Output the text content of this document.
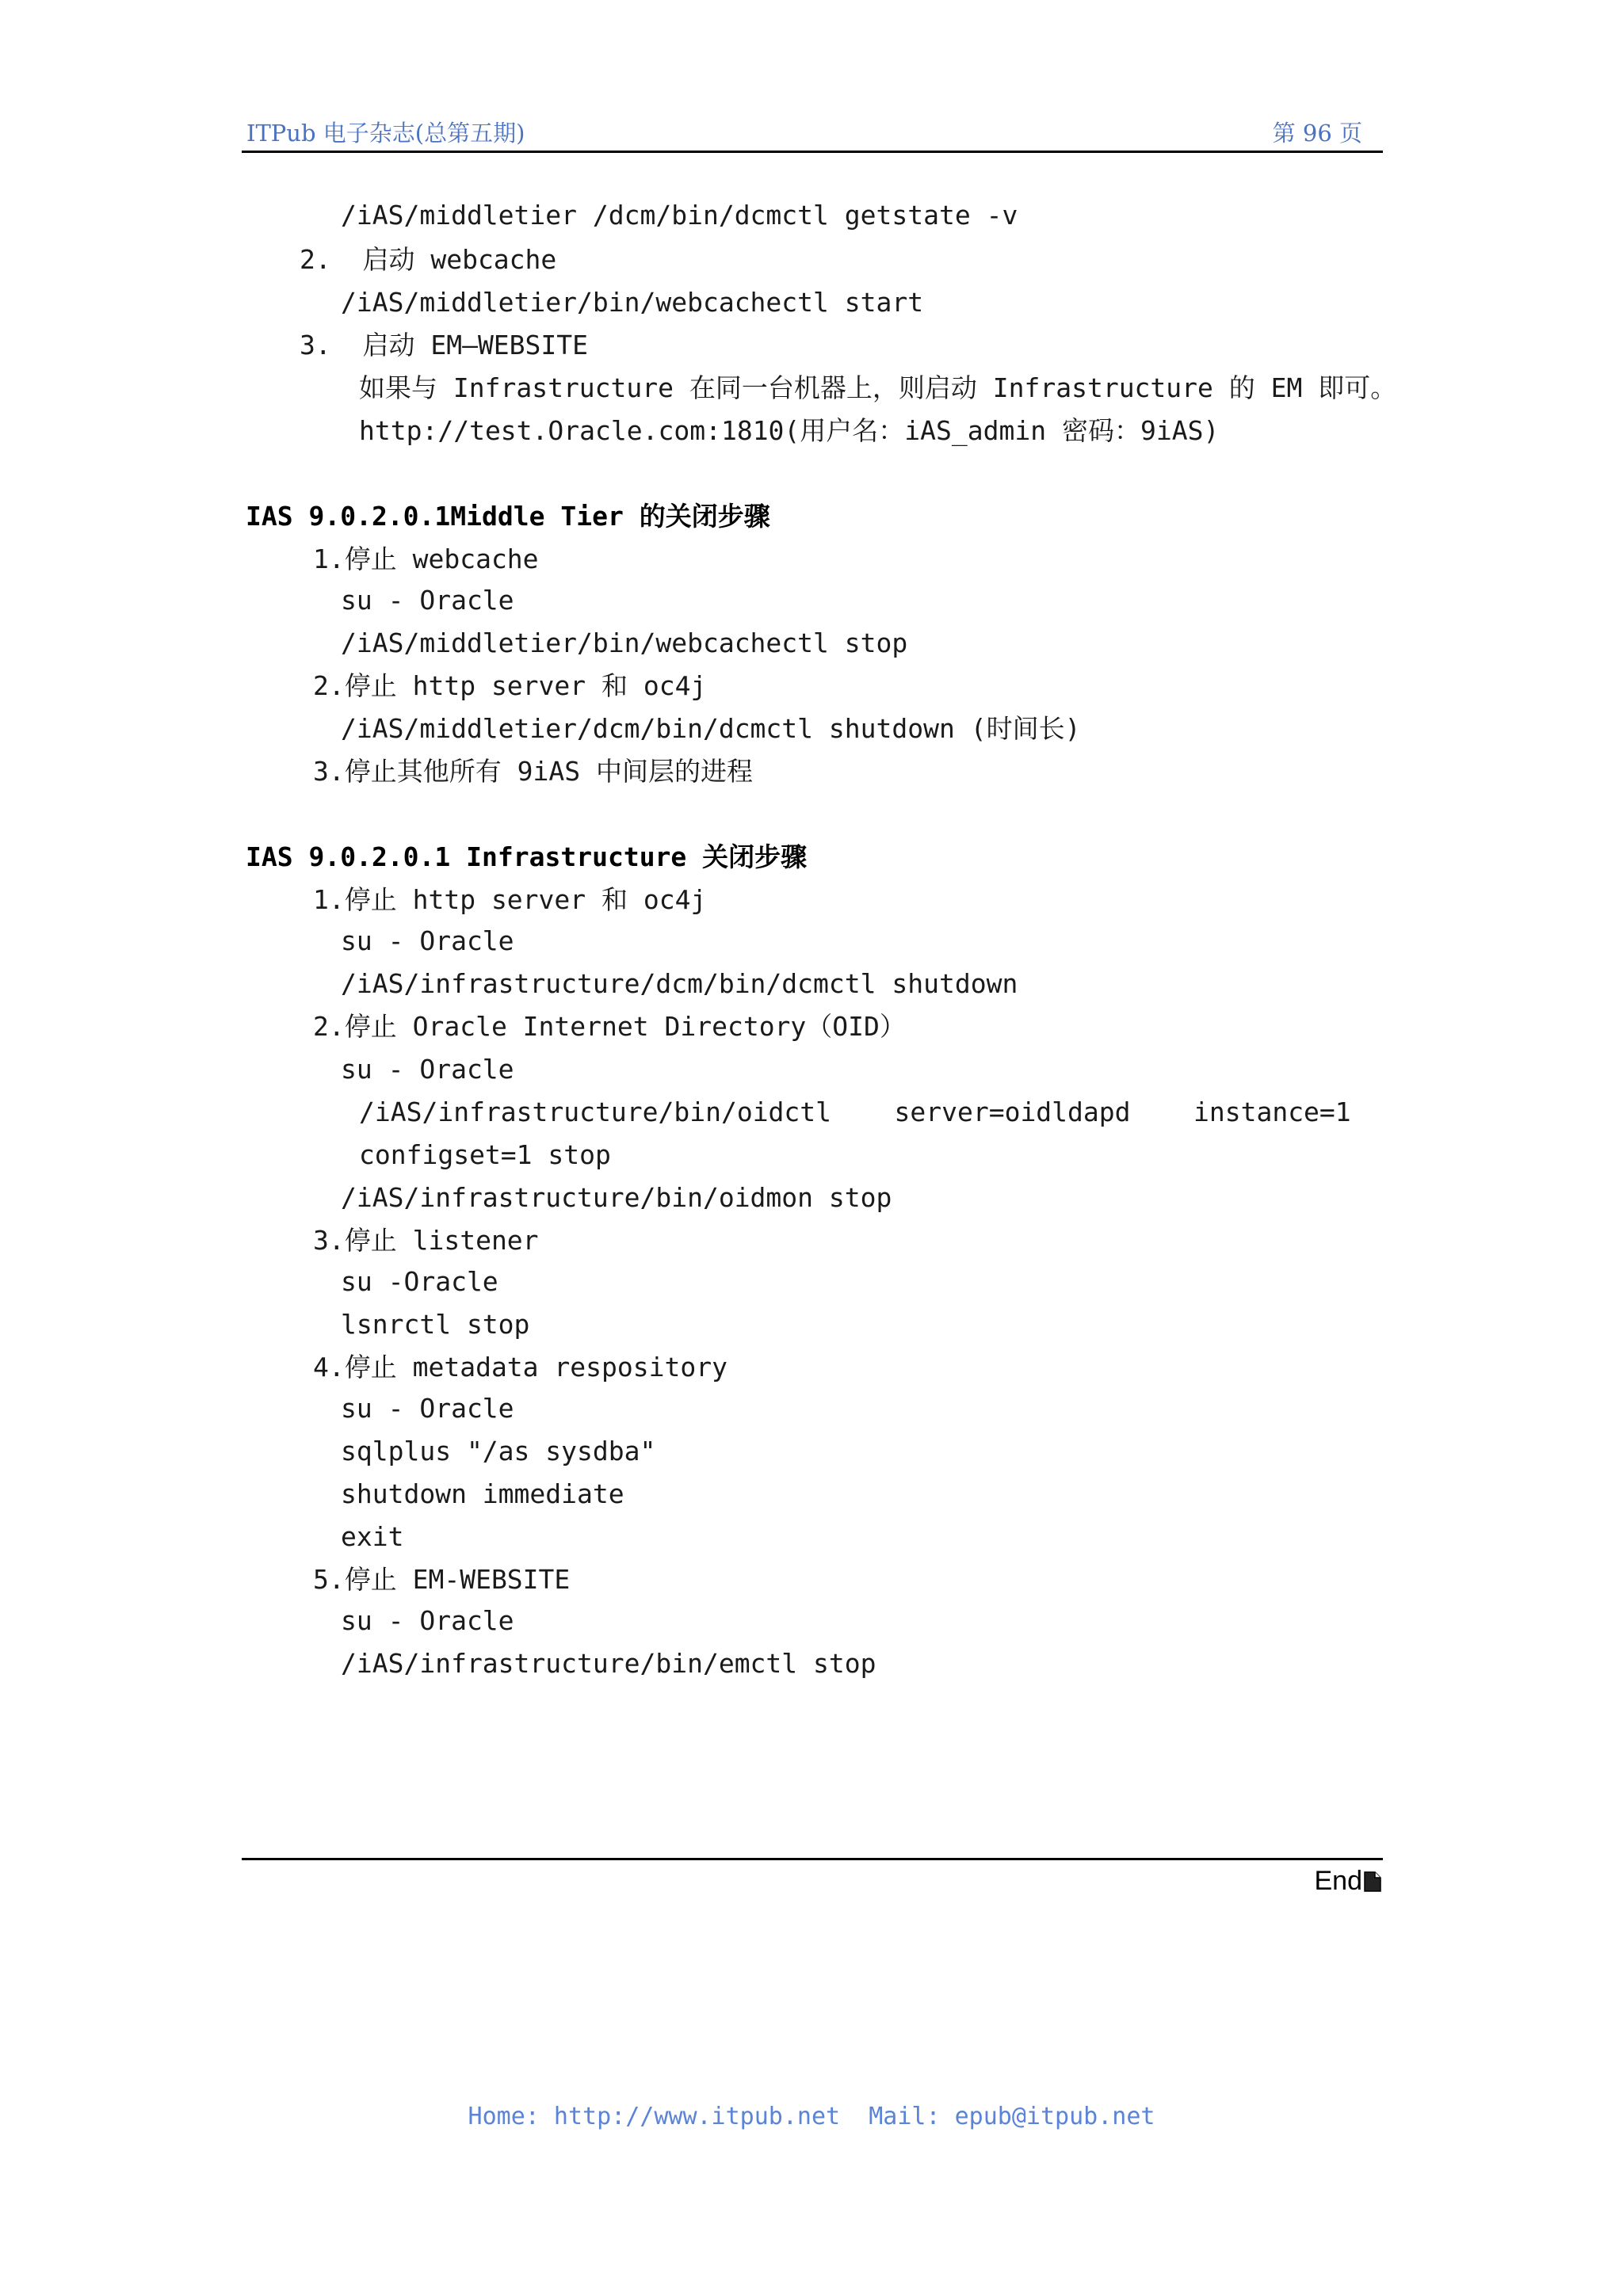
ITPub 电子杂志(总第五期)	第 96 页
/iAS/middletier /dcm/bin/dcmctl getstate -v
2.  启动 webcache
/iAS/middletier/bin/webcachectl start
3.  启动 EM—WEBSITE
如果与 Infrastructure 在同一台机器上，则启动 Infrastructure 的 EM 即可。
http://test.Oracle.com:1810(用户名：iAS_admin 密码：9iAS)
IAS 9.0.2.0.1Middle Tier 的关闭步骤
1.停止 webcache
su - Oracle
/iAS/middletier/bin/webcachectl stop
2.停止 http server 和 oc4j
/iAS/middletier/dcm/bin/dcmctl shutdown (时间长)
3.停止其他所有 9iAS 中间层的进程
IAS 9.0.2.0.1 Infrastructure 关闭步骤
1.停止 http server 和 oc4j
su - Oracle
/iAS/infrastructure/dcm/bin/dcmctl shutdown
2.停止 Oracle Internet Directory（OID）
su - Oracle
/iAS/infrastructure/bin/oidctl    server=oidldapd    instance=1
configset=1 stop
/iAS/infrastructure/bin/oidmon stop
3.停止 listener
su -Oracle
lsnrctl stop
4.停止 metadata respository
su - Oracle
sqlplus "/as sysdba"
shutdown immediate
exit
5.停止 EM-WEBSITE
su - Oracle
/iAS/infrastructure/bin/emctl stop
End
Home: http://www.itpub.net  Mail: epub@itpub.net
